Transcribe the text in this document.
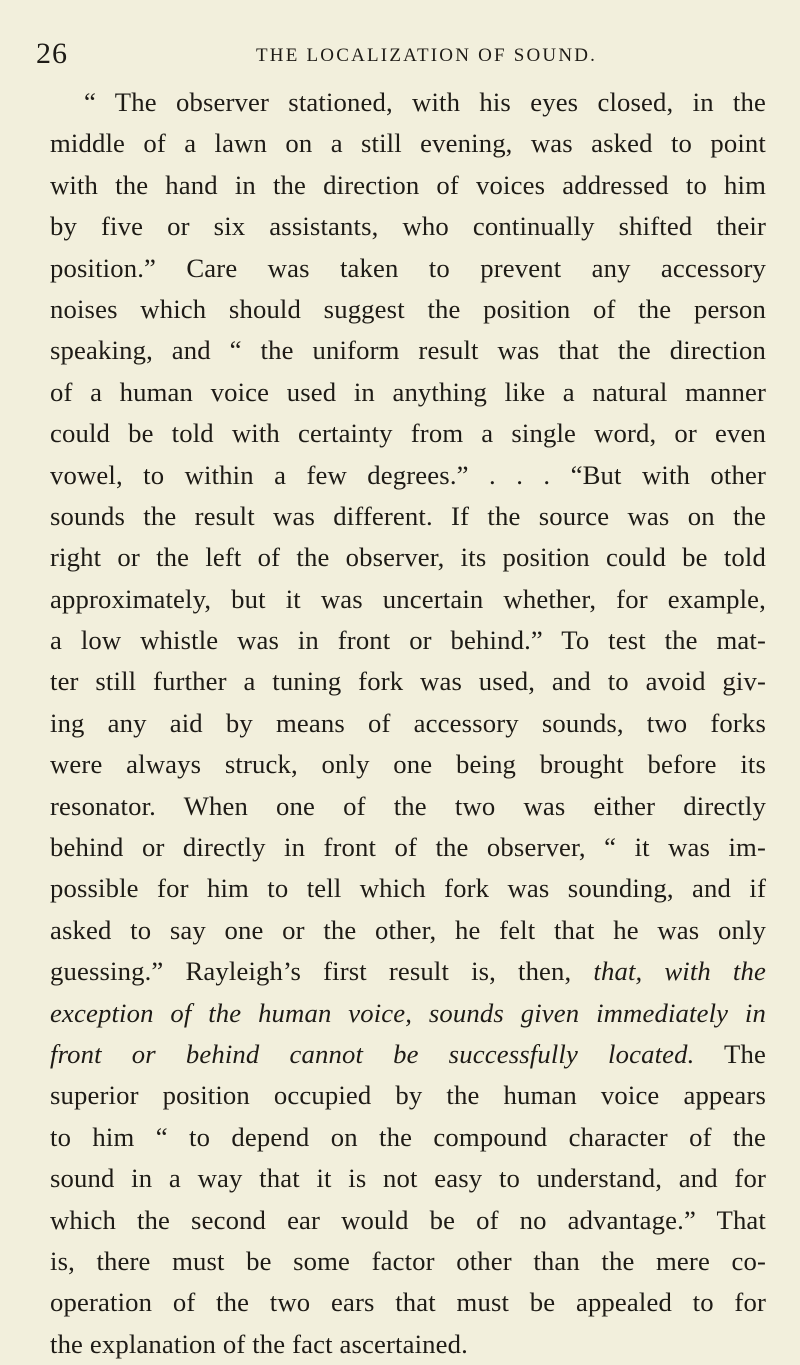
26	THE LOCALIZATION OF SOUND.
“ The observer stationed, with his eyes closed, in the
middle of a lawn on a still evening, was asked to point
with the hand in the direction of voices addressed to him
by five or six assistants, who continually shifted their
position.” Care was taken to prevent any accessory
noises which should suggest the position of the person
speaking, and “ the uniform result was that the direction
of a human voice used in anything like a natural manner
could be told with certainty from a single word, or even
vowel, to within a few degrees.” . . . “But with other
sounds the result was different. If the source was on the
right or the left of the observer, its position could be told
approximately, but it was uncertain whether, for example,
a low whistle was in front or behind.” To test the mat-
ter still further a tuning fork was used, and to avoid giv-
ing any aid by means of accessory sounds, two forks
were always struck, only one being brought before its
resonator. When one of the two was either directly
behind or directly in front of the observer, “ it was im-
possible for him to tell which fork was sounding, and if
asked to say one or the other, he felt that he was only
guessing.” Rayleigh’s first result is, then, that, with the
exception of the human voice, sounds given immediately in
front or behind cannot be successfully located. The
superior position occupied by the human voice appears
to him “ to depend on the compound character of the
sound in a way that it is not easy to understand, and for
which the second ear would be of no advantage.” That
is, there must be some factor other than the mere co-
operation of the two ears that must be appealed to for
the explanation of the fact ascertained.
